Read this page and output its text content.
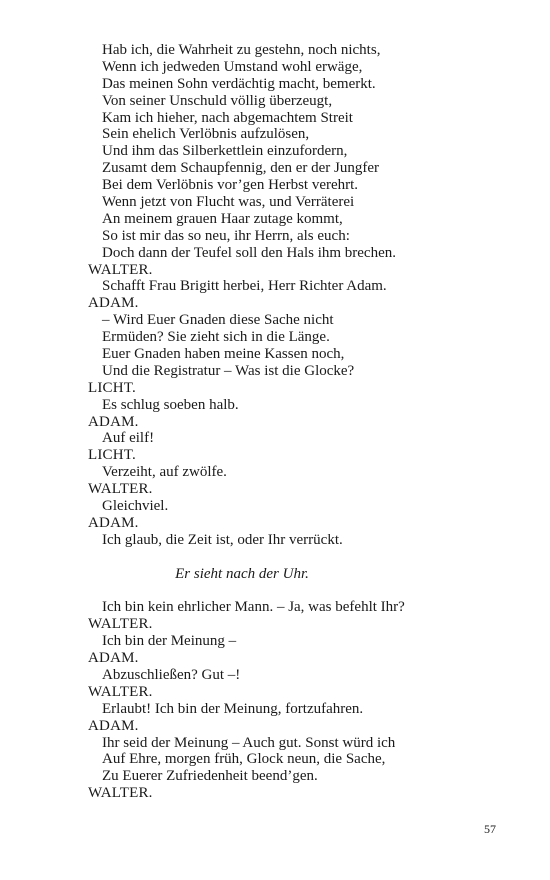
Hab ich, die Wahrheit zu gestehn, noch nichts,
Wenn ich jedweden Umstand wohl erwäge,
Das meinen Sohn verdächtig macht, bemerkt.
Von seiner Unschuld völlig überzeugt,
Kam ich hieher, nach abgemachtem Streit
Sein ehelich Verlöbnis aufzulösen,
Und ihm das Silberkettlein einzufordern,
Zusamt dem Schaupfennig, den er der Jungfer
Bei dem Verlöbnis vor’gen Herbst verehrt.
Wenn jetzt von Flucht was, und Verräterei
An meinem grauen Haar zutage kommt,
So ist mir das so neu, ihr Herrn, als euch:
Doch dann der Teufel soll den Hals ihm brechen.
WALTER.
Schafft Frau Brigitt herbei, Herr Richter Adam.
ADAM.
– Wird Euer Gnaden diese Sache nicht
Ermüden? Sie zieht sich in die Länge.
Euer Gnaden haben meine Kassen noch,
Und die Registratur – Was ist die Glocke?
LICHT.
Es schlug soeben halb.
ADAM.
Auf eilf!
LICHT.
Verzeiht, auf zwölfe.
WALTER.
Gleichviel.
ADAM.
Ich glaub, die Zeit ist, oder Ihr verrückt.
Er sieht nach der Uhr.
Ich bin kein ehrlicher Mann. – Ja, was befehlt Ihr?
WALTER.
Ich bin der Meinung –
ADAM.
Abzuschließen? Gut –!
WALTER.
Erlaubt! Ich bin der Meinung, fortzufahren.
ADAM.
Ihr seid der Meinung – Auch gut. Sonst würd ich
Auf Ehre, morgen früh, Glock neun, die Sache,
Zu Euerer Zufriedenheit beend’gen.
WALTER.
57
